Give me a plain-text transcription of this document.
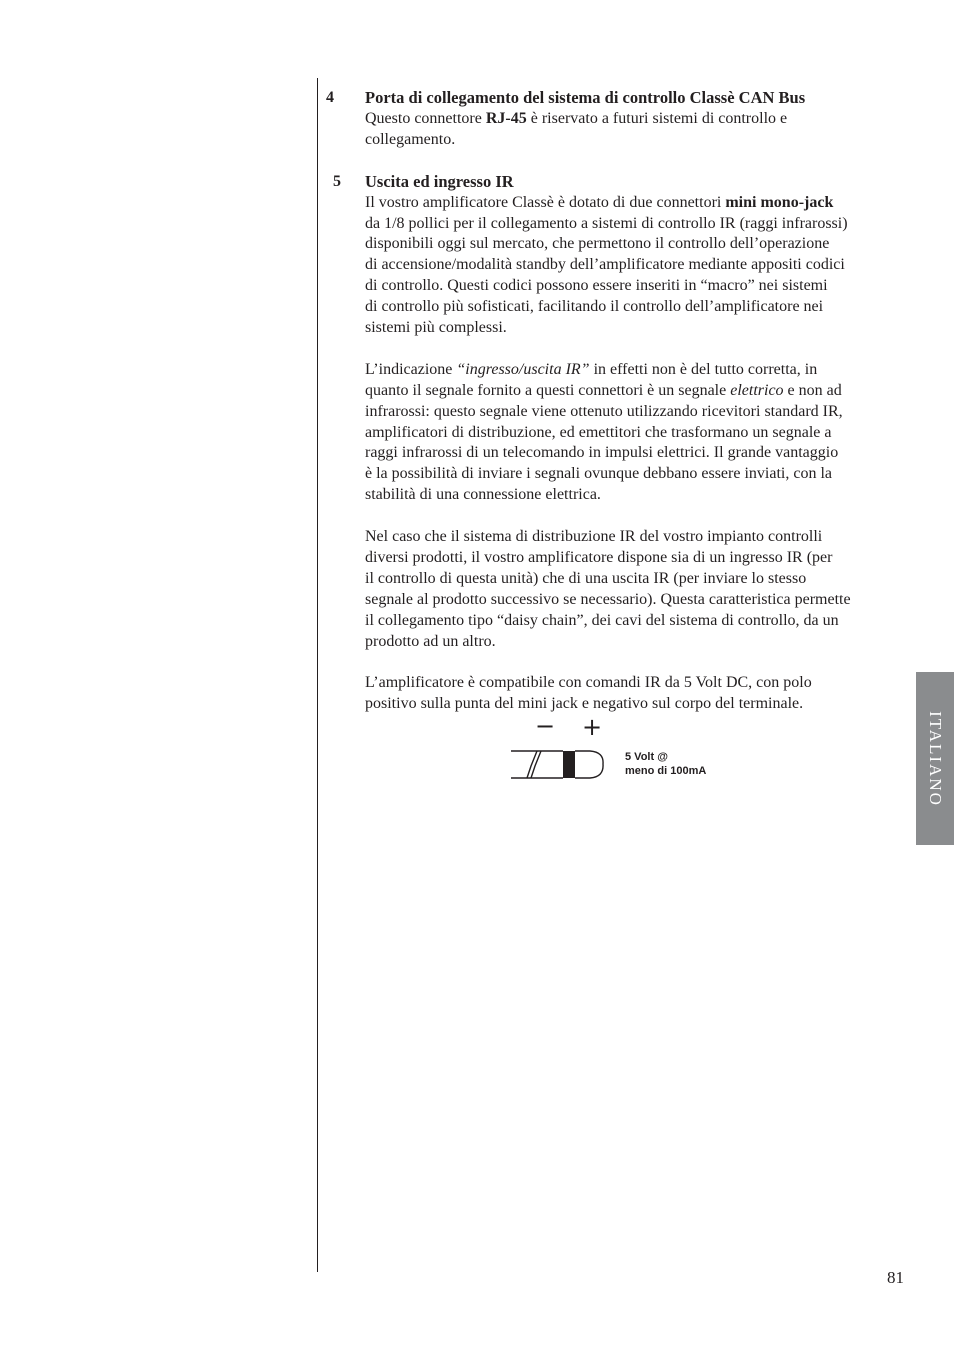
4 Porta di collegamento del sistema di controllo Classè CAN Bus
Questo connettore RJ-45 è riservato a futuri sistemi di controllo e
collegamento.
5 Uscita ed ingresso IR
Il vostro amplificatore Classè è dotato di due connettori mini mono-jack
da 1/8 pollici per il collegamento a sistemi di controllo IR (raggi infrarossi)
disponibili oggi sul mercato, che permettono il controllo dell’operazione
di accensione/modalità standby dell’amplificatore mediante appositi codici
di controllo. Questi codici possono essere inseriti in “macro” nei sistemi
di controllo più sofisticati, facilitando il controllo dell’amplificatore nei
sistemi più complessi.
L’indicazione “ingresso/uscita IR” in effetti non è del tutto corretta, in
quanto il segnale fornito a questi connettori è un segnale elettrico e non ad
infrarossi: questo segnale viene ottenuto utilizzando ricevitori standard IR,
amplificatori di distribuzione, ed emettitori che trasformano un segnale a
raggi infrarossi di un telecomando in impulsi elettrici. Il grande vantaggio
è la possibilità di inviare i segnali ovunque debbano essere inviati, con la
stabilità di una connessione elettrica.
Nel caso che il sistema di distribuzione IR del vostro impianto controlli
diversi prodotti, il vostro amplificatore dispone sia di un ingresso IR (per
il controllo di questa unità) che di una uscita IR (per inviare lo stesso
segnale al prodotto successivo se necessario). Questa caratteristica permette
il collegamento tipo “daisy chain”, dei cavi del sistema di controllo, da un
prodotto ad un altro.
L’amplificatore è compatibile con comandi IR da 5 Volt DC, con polo
positivo sulla punta del mini jack e negativo sul corpo del terminale.
− +
5 Volt @
meno di 100mA	ITALIANO
81
